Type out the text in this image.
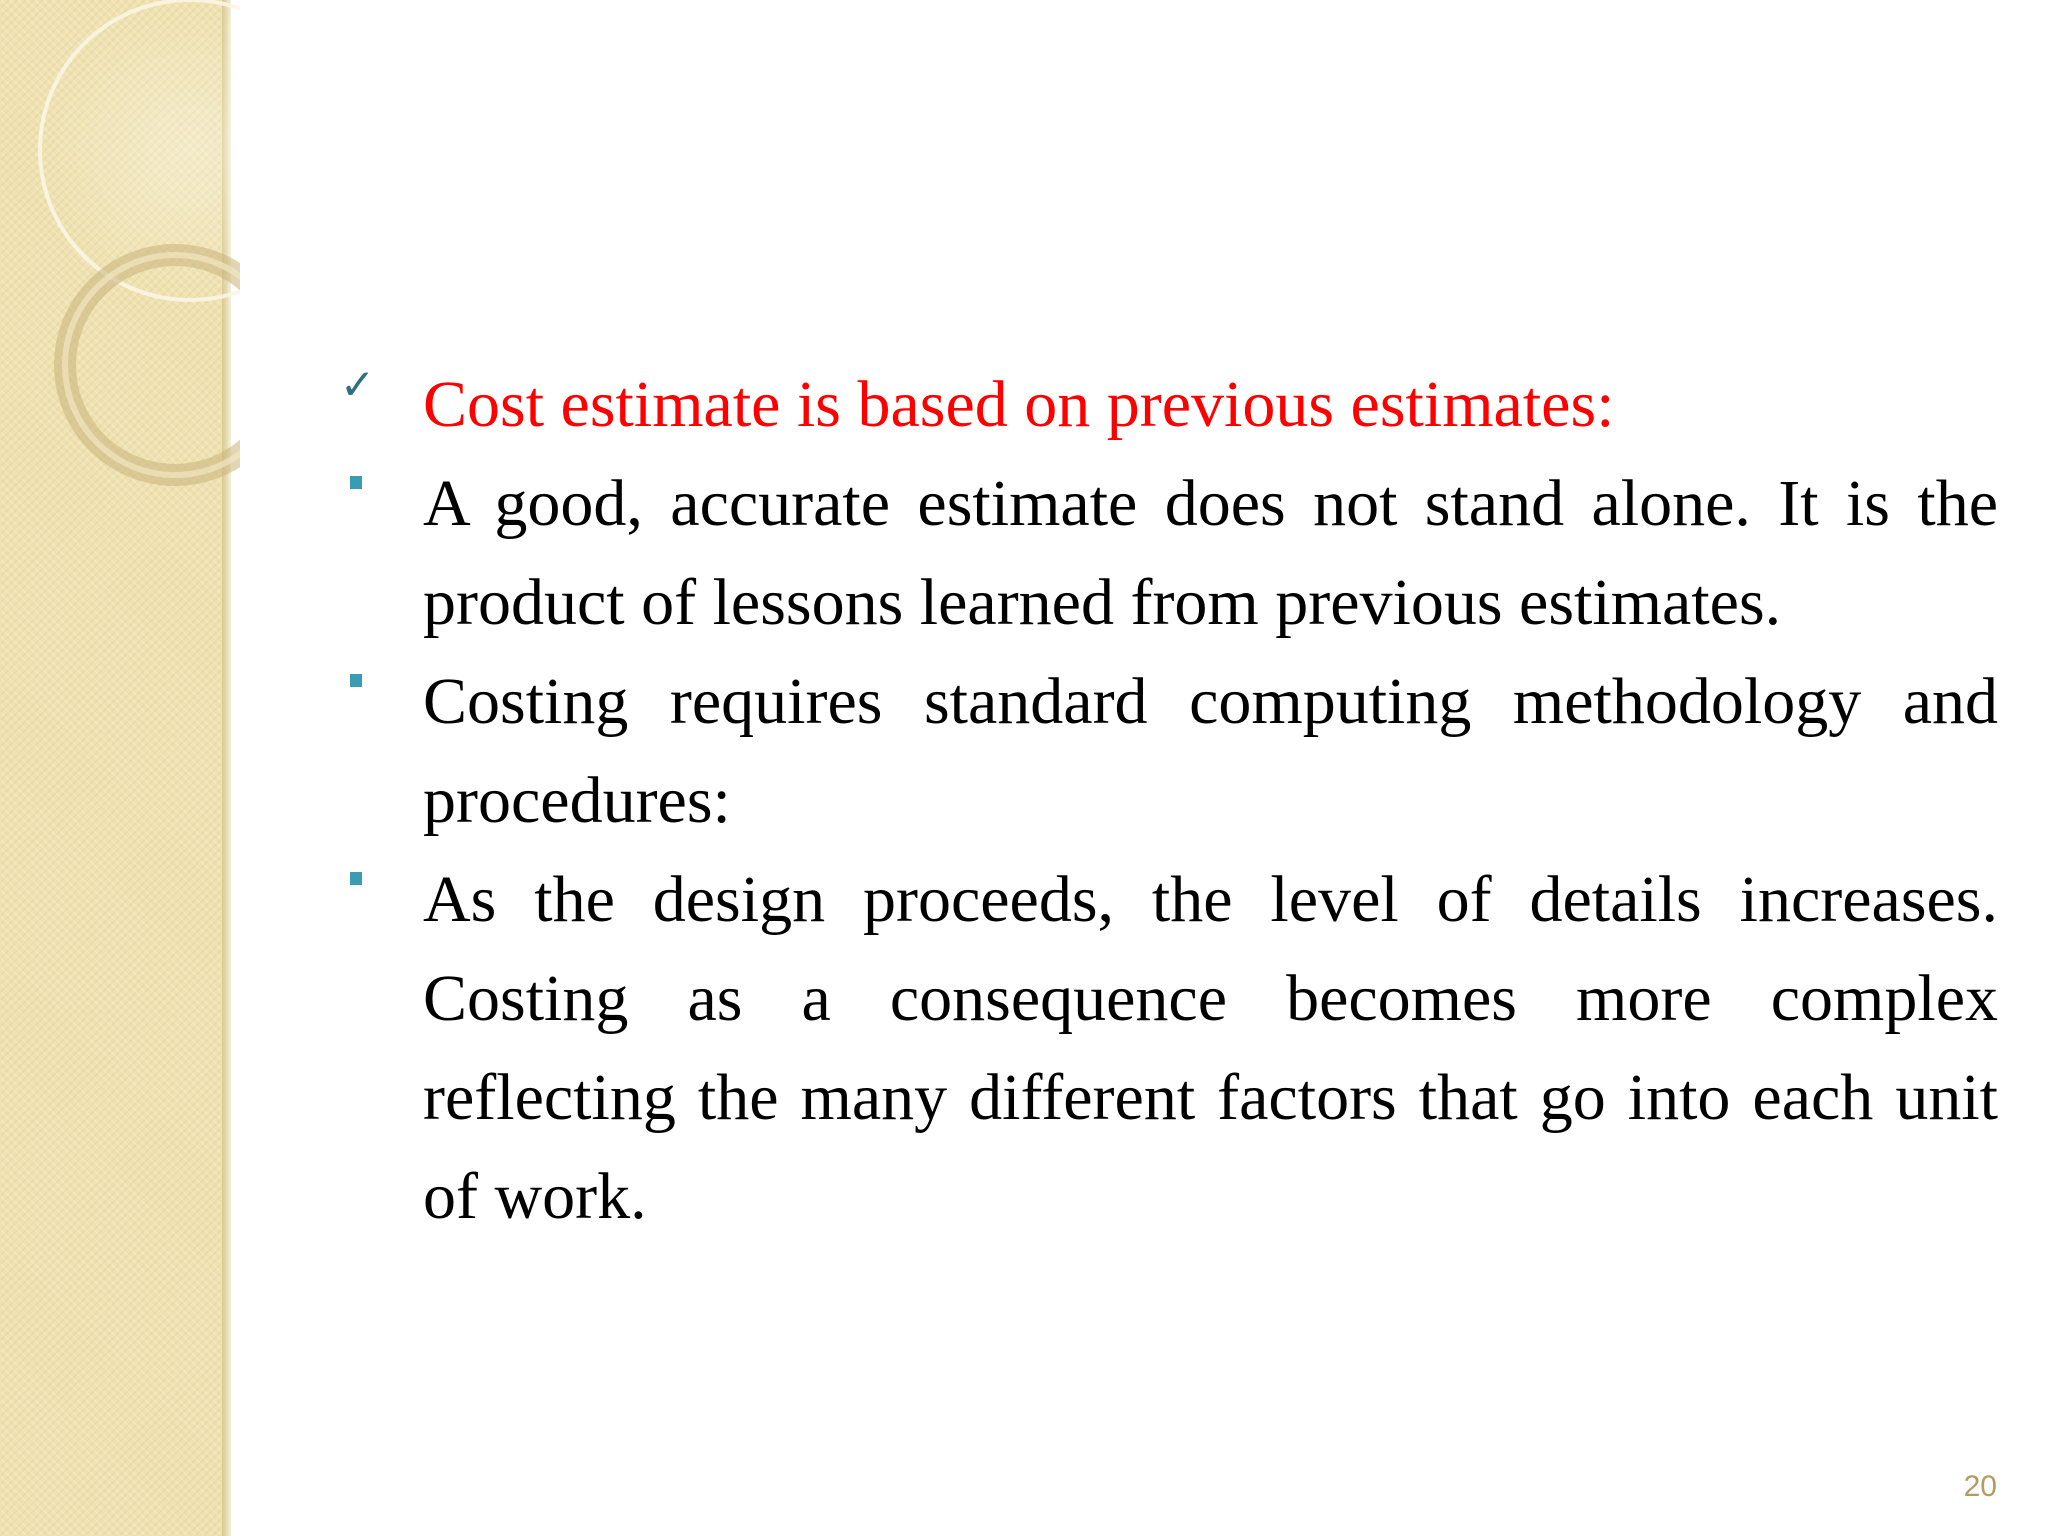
✓ Cost estimate is based on previous estimates:
A good, accurate estimate does not stand alone. It is the product of lessons learned from previous estimates.
Costing requires standard computing methodology and procedures:
As the design proceeds, the level of details increases. Costing as a consequence becomes more complex reflecting the many different factors that go into each unit of work.
20
